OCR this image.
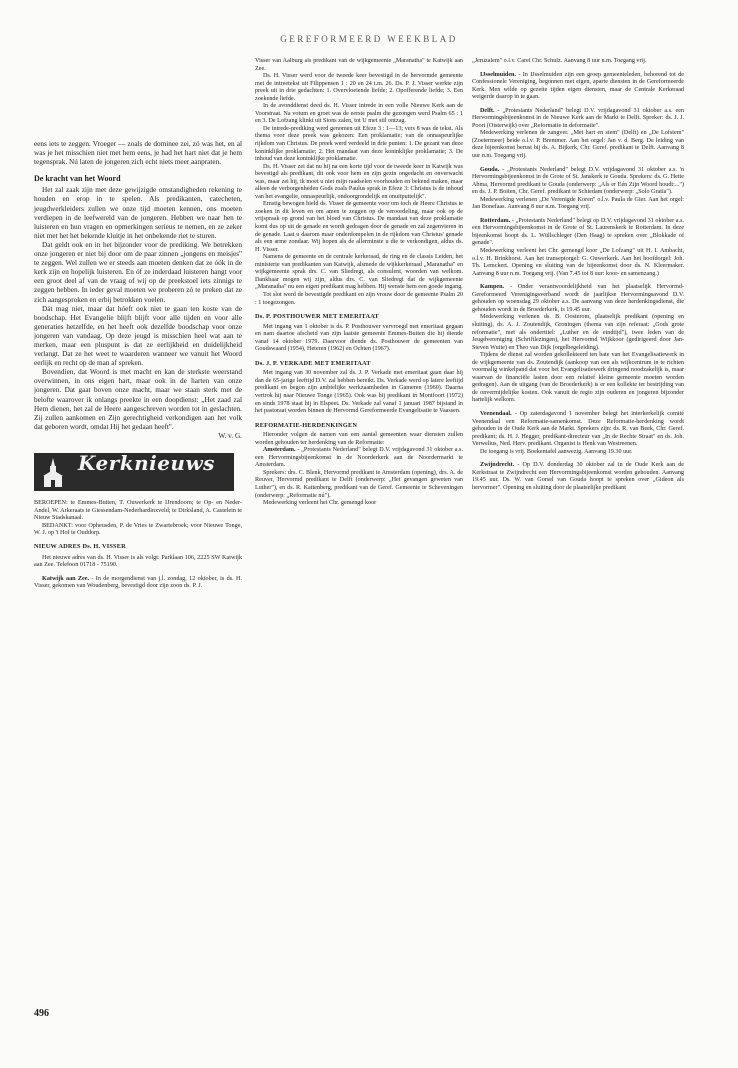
GEREFORMEERD WEEKBLAD

eens iets te zeggen. Vroeger — zoals de dominee zei, zó was het, en al was je het misschien niet met hem eens, je had het hart niet dat je hem tegensprak. Nú laten de jongeren zich echt niets meer aanpraten.

De kracht van het Woord

Het zal zaak zijn met deze gewijzigde omstandigheden rekening te houden en erop in te spelen. Als predikanten, catecheten, jeugdwerkleiders zullen we onze tijd moeten kennen, ons moeten verdiepen in de leefwereld van de jongeren. Hebben we naar hen te luisteren en hun vragen en opmerkingen serieus te nemen, en ze zeker niet met het het bekende kluitje in het onbekende riet te sturen.

Dat geldt ook en in het bijzonder voor de prediking. We betrekken onze jongeren er niet bij door om de paar zinnen „jongens en meisjes" te zeggen. Wel zullen we er steeds aan moeten denken dat ze óók in de kerk zijn en hopelijk luisteren. En óf ze inderdaad luisteren hangt voor een groot deel af van de vraag of wij op de preekstoel iets zinnigs te zeggen hebben. In ieder geval moeten we proberen zó te preken dat ze zich aangesproken en erbij betrokken voelen.

Dát mag niet, maar dat hóeft ook niet te gaan ten koste van de boodschap. Het Evangelie blijft blijft voor alle tijden en voor alle generaties hetzelfde, en het heeft ook dezelfde boodschap voor onze jongeren van vandaag. Op deze jeugd is misschien heel wat aan te merken, maar een pluspunt is dat ze eerlijkheid en duidelijkheid verlangt. Dat ze het weet te waarderen wanneer we vanuit het Woord eerlijk en recht op de man af spreken.

Bovendien, dat Woord is met macht en kan de sterkste weerstand overwinnen, in ons eigen hart, maar ook in de harten van onze jongeren. Dat gaat boven onze macht, maar we staan sterk met de belofte waarover ik onlangs preekte in een doopdienst: „Het zaad zal Hem dienen, het zal de Heere aangeschreven worden tot in geslachten. Zij zullen aankomen en Zijn gerechtigheid verkondigen aan het volk dat geboren wordt, omdat Hij het gedaan heeft".

W. v. G.

Kerknieuws

BEROEPEN: te Emmes-Buiten, T. Ouwerkerk te IJrendoorn; te Op- en Neder-Andel, W. Arkeraats te Giessendam-Nederhardinxveld; te Dirksland, A. Castelein te Nieuw Stadskanaal.

BEDANKT: voor Opheusden, P. de Vries te Zwartebroek; voor Nieuwe Tonge, W. J. op 't Hof te Ouddorp.

NIEUW ADRES Ds. H. VISSER

Het nieuwe adres van ds. H. Visser is als volgt: Parklaan 106, 2225 SW Katwijk aan Zee. Telefoon 01718 - 75190.

Katwijk aan Zee. - In de morgendienst van j.l. zondag, 12 oktober, is ds. H. Visser, gekomen van Woudenberg, bevestigd door zijn zoon ds. P. J.

496

Visser van Aalburg als predikant van de wijkgemeente „Maranatha" te Katwijk aan Zee.

Ds. H. Visser werd voor de tweede keer bevestigd in de hervormde gemeente met de intreetekst uit Filippensen 1 : 20 en 24 t.m. 26. Ds. P. J. Visser werkte zijn preek uit in drie gedachten: 1. Overvloeiende liefde; 2. Opofferende liefde; 3. Een zoekende liefde.

In de avonddienst deed ds. H. Visser intrede in een volle Nieuwe Kerk aan de Voorstraat. Na votum en groet was de eerste psalm die gezongen werd Psalm 65 : 1 en 3. De Lofzang klinkt uit Sions zalen, tot U met stil ontzag.

De intrede-prediking werd genomen uit Efeze 3 : 1—13; vers 8 was de tekst. Als thema voor deze preek was gekozen: Een proklamatie; van de onnaspeurlijke rijkdom van Christus. De preek werd verdeeld in drie punten: 1. De gezant van deze koninklijke proklamatie; 2. Het mandaat van deze koninklijke proklamatie; 3. De inhoud van deze koninklijke proklamatie.

Ds. H. Visser zei dat nu hij na een korte tijd voor de tweede keer in Katwijk was bevestigd als predikant, dit ook voor hem en zijn gezin ongedacht en onverwacht was, maar zei hij, ik moet u niet mijn raadselen voorhouden en bekend maken, maar alleen de verborgenheden Gods zoals Paulus sprak in Efeze 3: Christus is de inhoud van het evangelie, onnaspeurlijk, ondoorgrondelijk en onuitputtelijk".

Ernstig bewogen hield ds. Visser de gemeente voor om toch de Heere Christus te zoeken in dit leven en om amen te zeggen op de veroordeling, maar ook op de vrijspraak op grond van het bloed van Christus. De mandaat van deze proklamatie komt dus op uit de genade en wordt gedragen door de genade en zal zegenvieren in de genade. Laat u daarom maar onderdompelen in de rijkdom van Christus' genade als een arme zondaar. Wij hopen als de allerminste u die te verkondigen, aldus ds. H. Visser.

Namens de gemeente en de centrale kerkeraad, de ring en de classis Leiden, het ministerie van predikanten van Katwijk, alsmede de wijkkerkeraad „Maranatha" en wijkgemeente sprak drs. C. van Sliedregt, als consulent, woorden van welkom. Dankbaar mogen wij zijn, aldus drs. C. van Sliedregt dat de wijkgemeente „Maranatha" nu een eigen predikant mag hebben. Hij wenste hem een goede ingang.

Tot slot werd de bevestigde predikant en zijn vrouw door de gemeente Psalm 20 : 1 toegezongen.

Ds. P. POSTHOUWER MET EMERITAAT

Met ingang van 1 oktober is ds. P. Posthouwer vervroegd met emeritaat gegaan en nam daartoe afscheid van zijn laatste gemeente Emmes-Buiten die hij diende vanaf 14 oktober 1979. Daarvoor diende ds. Posthouwer de gemeenten van Goudswaard (1954), Heteren (1962) en Ochten (1967).

Ds. J. P. VERKADE MET EMERITAAT

Met ingang van 30 november zal ds. J. P. Verkade met emeritaat gaan daar hij dan de 65-jarige leeftijd D.V. zal hebben bereikt. Ds. Verkade werd op latere leeftijd predikant en begon zijn ambtelijke werkzaamheden in Gameren (1960). Daarna vertrok hij naar Nieuwe Tonge (1965). Ook was hij predikant in Montfoort (1972) en sinds 1978 staat hij in Elspeet. Ds. Verkade zal vanaf 1 januari 1987 bijstand in het pastoraat worden binnen de Hervormd Gereformeerde Evangelisatie te Vaassen.

REFORMATIE-HERDENKINGEN

Hieronder volgen de namen van een aantal gemeenten waar diensten zullen worden gehouden ter herdenking van de Reformatie:

Amsterdam. - „Protestants Nederland" belegt D.V. vrijdagavond 31 oktober a.s. een Hervormingsbijeenkomst in de Noorderkerk aan de Noordermarkt te Amsterdam.

Sprekers: drs. C. Blenk, Hervormd predikant te Amsterdam (opening), drs. A. de Reuver, Hervormd predikant te Delft (onderwerp: „Het gevangen geweten van Luther"), en ds. R. Kattenberg, predikant van de Geref. Gemeente te Scheveningen (onderwerp: „Reformatie nú").

Medewerking verleent het Chr. gemengd koor

„Jeruzalem" o.l.v. Carel Chr. Schulz. Aanvang 8 uur n.m. Toegang vrij.

IJsselmuiden. - In IJsselmuiden zijn een groep gemeenteleden, behorend tot de Confessionele Vereniging, begonnen met eigen, aparte diensten in de Gereformeerde Kerk. Men wilde op gezette tijden eigen diensten, maar de Centrale Kerkeraad weigerde daarop in te gaan.

Delft. - „Protestants Nederland" belegt D.V. vrijdagavond 31 oktober a.s. een Hervormingsbijeenkomst in de Nieuwe Kerk aan de Markt te Delft. Spreker: ds. J. J. Poort (Oisterwijk) over „Reformatie in deformatie".

Medewerking verlenen de zangver. „Met hart en stem" (Delft) en „De Lofstem" (Zoetermeer) beide o.l.v. P. Bremmer. Aan het orgel: Jan v. d. Berg. De leiding van deze bijeenkomst berust bij ds. A. Bijkerk, Chr. Geref. predikant te Delft. Aanvang 8 uur n.m. Toegang vrij.

Gouda. - „Protestants Nederland" belegt D.V. vrijdagavond 31 oktober a.s. 'n Hervormingsbijeenkomst in de Grote of St. Janskerk te Gouda. Sprekers: ds. G. Hette Abma, Hervormd predikant te Gouda (onderwerp: „Als er Eén Zijn Woord houdt:...") en ds. J. P. Boiten, Chr. Geref. predikant te Schiedam (onderwerp: „Solo Gratia").

Medewerking verlenen „De Verenigde Koren" o.l.v. Paula de Gier. Aan het orgel: Jan Bonefaas. Aanvang 8 uur n.m. Toegang vrij.

Rotterdam. - „Protestants Nederland" belegt op D.V. vrijdagavond 31 oktober a.s. een Hervormingsbijeenkomst in de Grote of St. Laurenskerk te Rotterdam. In deze bijeenkomst hoopt ds. L. Wüllschleger (Den Haag) te spreken over „Blokkade of genade".

Medewerking verleent het Chr. gemengd koor „De Lofzang" uit H. I. Ambacht, o.l.v. H. Brinkhorst. Aan het transeptorgel: G. Ouwerkerk. Aan het hoofdorgel: Joh. Th. Lemckert. Opening en sluiting van de bijeenkomst door ds. N. Kleermaker. Aanvang 8 uur n.m. Toegang vrij. (Van 7.45 tot 8 uur: koor- en samenzang.)

Kampen. - Onder verantwoordelijkheid van het plaatselijk Hervormd-Gereformeerd Verenigingsverband wordt de jaarlijkse Hervormingsavond D.V. gehouden op woensdag 29 oktober a.s. De aanvang van deze herdenkingsdienst, die gehouden wordt in de Broederkerk, is 19.45 uur.

Medewerking verlenen ds. B. Oosterom, plaatselijk predikant (opening en sluiting), ds. A. J. Zoutendijk, Groningen (thema van zijn referaat: „Gods grote reformatie", met als ondertitel: „Luther en de eindtijd"), twee leden van de Jeugdvereniging (Schriftlezingen), het Hervormd Wijkkoor (gedirigeerd door Jan-Steven Wuite) en Theo van Dijk (orgelbegeleiding).

Tijdens de dienst zal worden gekollekteerd ten bate van het Evangelisatiewerk in de wijkgemeente van ds. Zoutendijk (aankoop van een als wijkcentrum in te richten voormalig winkelpand dat voor het Evangelisatiewerk dringend noodzakelijk is, maar waarvan de financiële lasten door een relatief kleine gemeente moeten worden gedragen). Aan de uitgang (van de Broederkerk) is er een kollekte ter bestrijding van de onvermijdelijke kosten. Ook vanuit de regio zijn ouderen en jongeren bijzonder hartelijk welkom.

Veenendaal. - Op zaterdagavond 1 november belegt het interkerkelijk comité Veenendaal een Reformatie-samenkomst. Deze Reformatie-herdenking wordt gehouden in de Oude Kerk aan de Markt. Sprekers zijn: ds. R. van Beek, Chr. Geref. predikant; ds. H. J. Hegger, predikant-directeur van „In de Rechte Straat" en ds. Joh. Verwelius, Ned. Herv. predikant. Organist is Henk van Westreenen.

De toegang is vrij. Boekentafel aanwezig. Aanvang 19.30 uur.

Zwijndrecht. - Op D.V. donderdag 30 oktober zal in de Oude Kerk aan de Kerkstraat te Zwijndrecht een Hervormingsbijeenkomst worden gehouden. Aanvang 19.45 uur. Ds. W. van Gorsel van Gouda hoopt te spreken over „Gideon als hervormer". Opening en sluiting door de plaatselijke predikant
